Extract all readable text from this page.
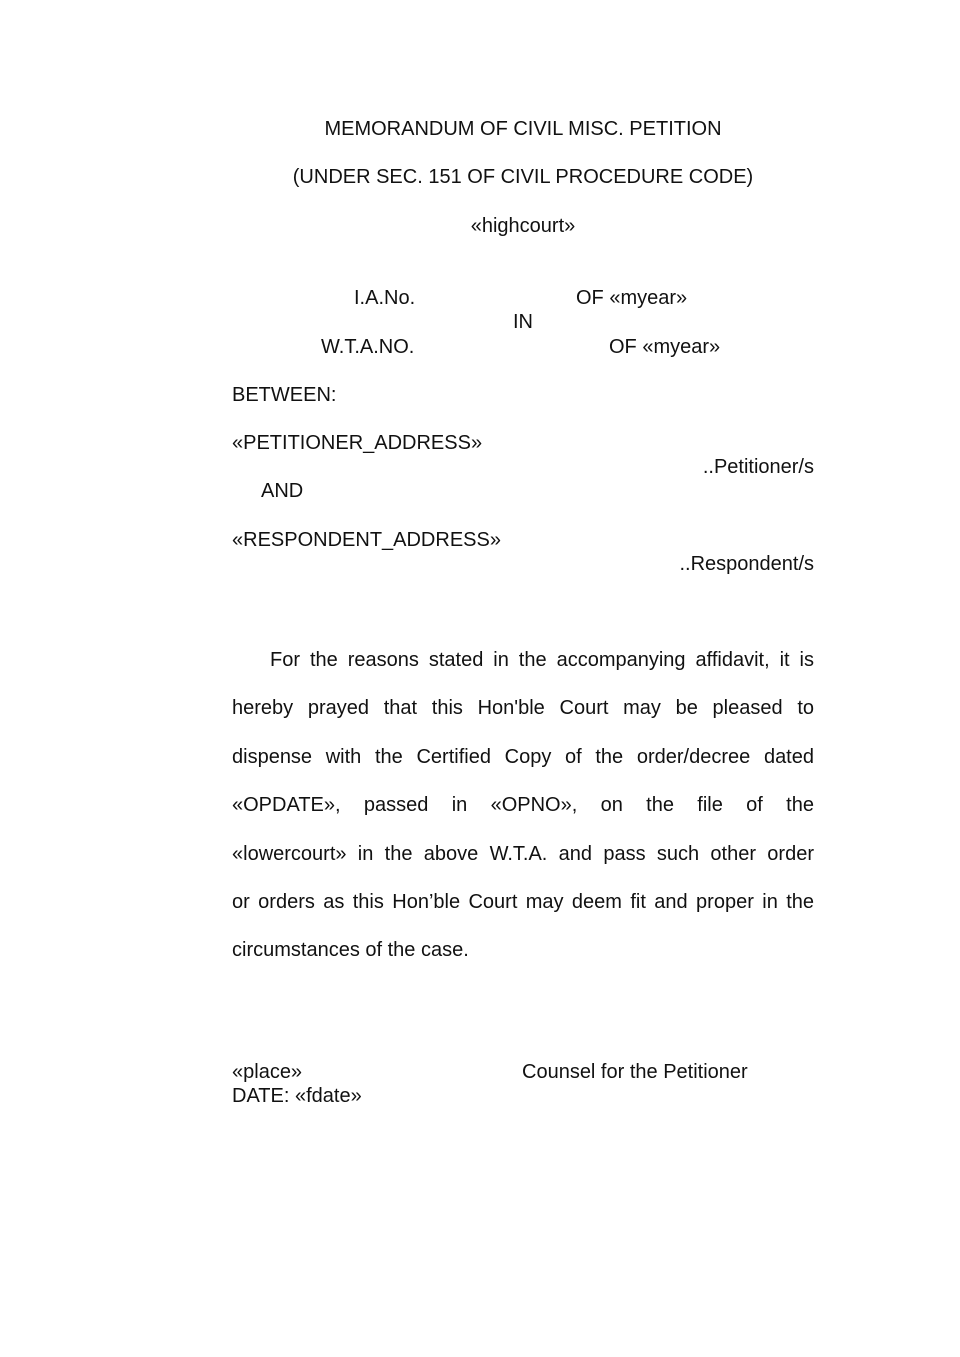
MEMORANDUM OF CIVIL MISC. PETITION
(UNDER SEC. 151 OF CIVIL PROCEDURE CODE)
«highcourt»
I.A.No.	OF «myear»
IN
W.T.A.NO.	OF «myear»
BETWEEN:
«PETITIONER_ADDRESS»
..Petitioner/s
AND
«RESPONDENT_ADDRESS»
..Respondent/s
For the reasons stated in the accompanying affidavit, it is
hereby prayed that this Hon'ble Court may be pleased to
dispense with the Certified Copy of the order/decree dated
«OPDATE», passed in «OPNO», on the file of the
«lowercourt» in the above W.T.A. and pass such other order
or orders as this Hon’ble Court may deem fit and proper in the
circumstances of the case.
«place»	Counsel for the Petitioner
DATE: «fdate»
